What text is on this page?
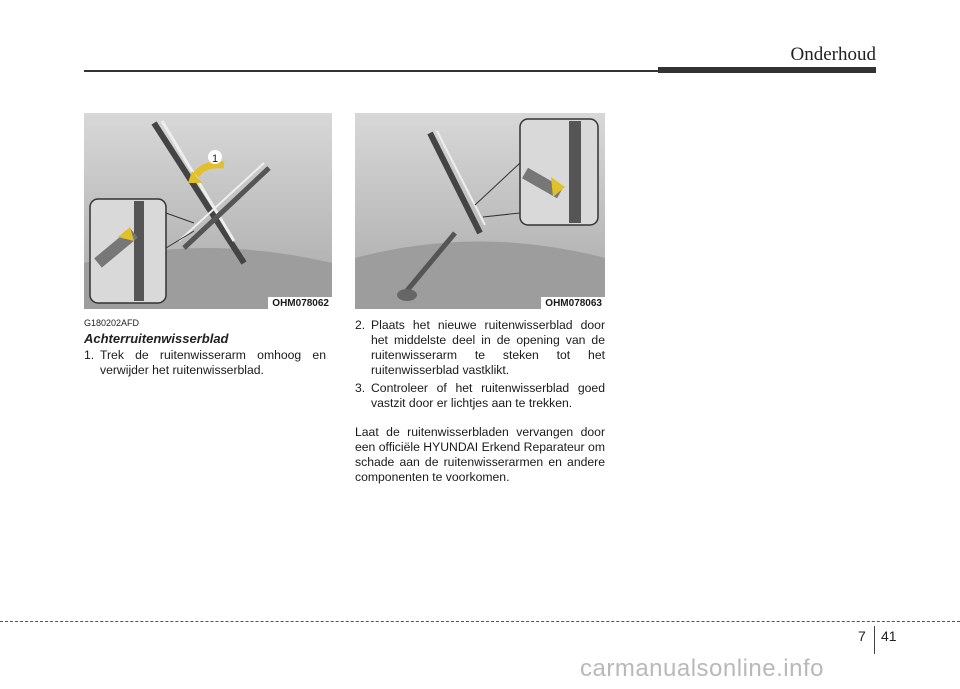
Onderhoud
1
OHM078062	OHM078063
G180202AFD
Achterruitenwisserblad
1. Trek de ruitenwisserarm omhoog en verwijder het ruitenwisserblad.
2. Plaats het nieuwe ruitenwisserblad door het middelste deel in de opening van de ruitenwisserarm te steken tot het ruitenwisserblad vastklikt.
3. Controleer of het ruitenwisserblad goed vastzit door er lichtjes aan te trekken.

Laat de ruitenwisserbladen vervangen door een officiële HYUNDAI Erkend Reparateur om schade aan de ruitenwisserarmen en andere componenten te voorkomen.

7 41
carmanualsonline.info
